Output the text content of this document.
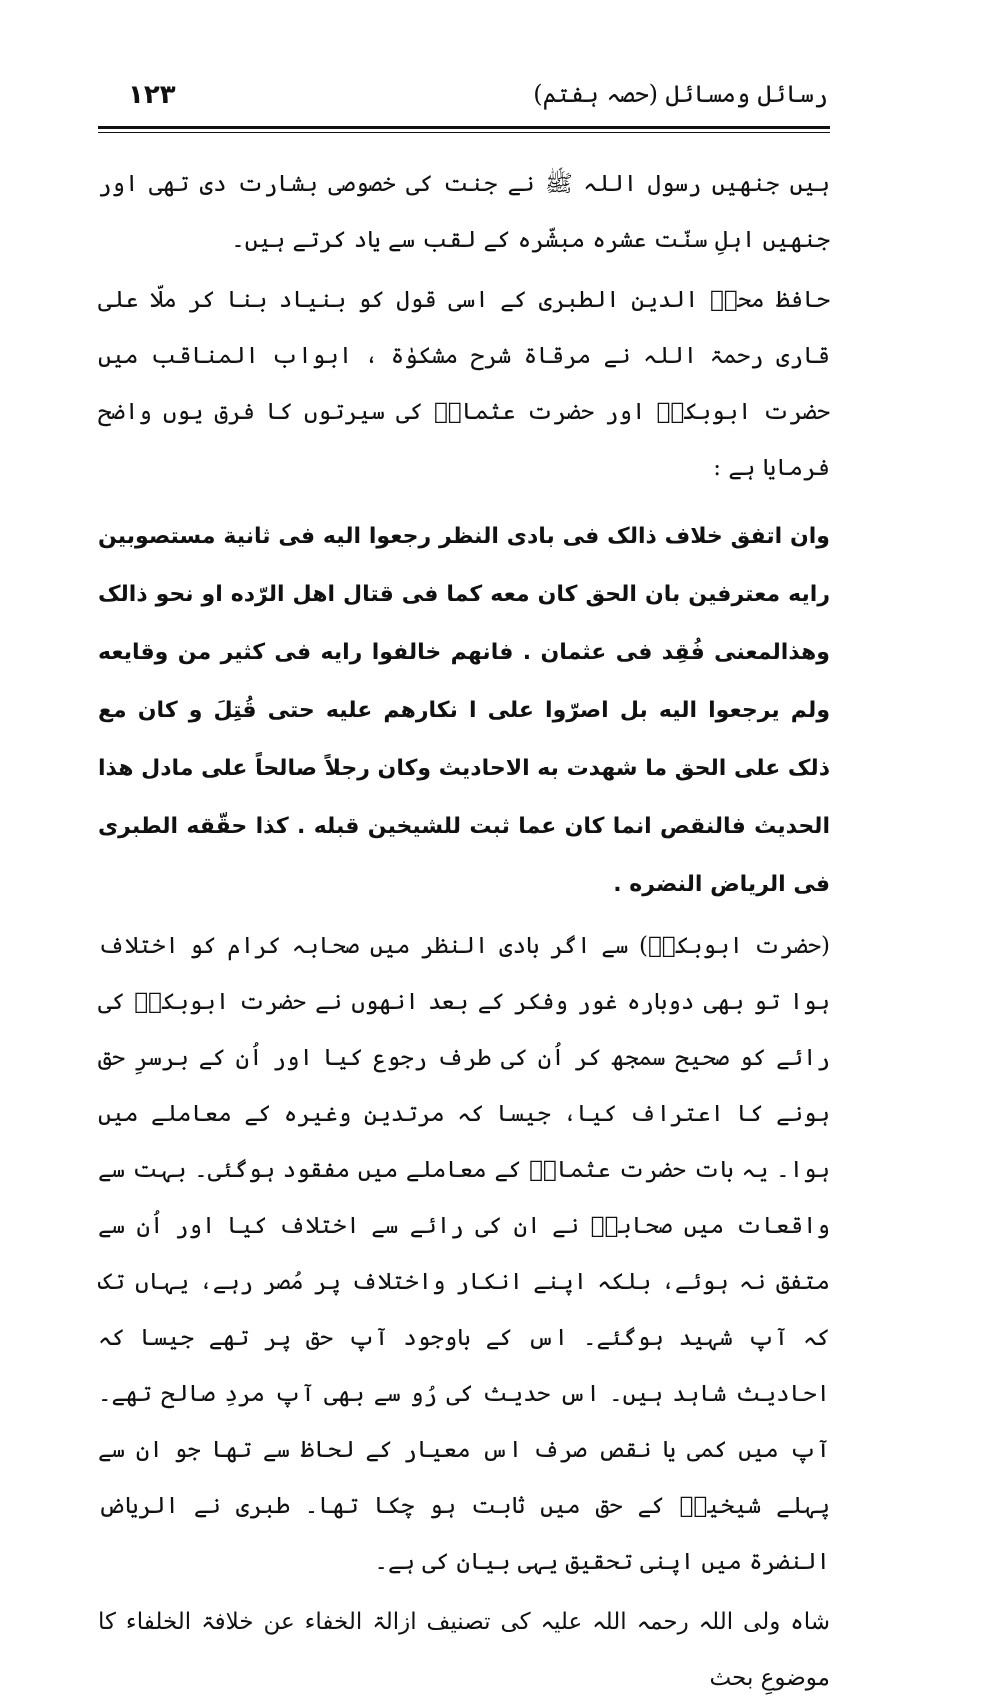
۱۲۳	رسائل ومسائل (حصہ ہفتم)

ہیں جنھیں رسول اللہ ﷺ نے جنت کی خصوصی بشارت دی تھی اور جنھیں اہلِ سنّت عشرہ مبشّرہ کے لقب سے یاد کرتے ہیں۔

حافظ محبؒ الدین الطبری کے اسی قول کو بنیاد بنا کر ملّا علی قاری رحمۃ اللہ نے مرقاۃ شرح مشکوٰۃ ، ابواب المناقب میں حضرت ابوبکرؓ اور حضرت عثمانؓ کی سیرتوں کا فرق یوں واضح فرمایا ہے :

وان اتفق خلاف ذالک فی بادی النظر رجعوا الیه فی ثانية مستصوبين رايه معترفين بان الحق كان معه كما فی قتال اهل الرّده او نحو ذالک وهذالمعنى فُقِد فی عثمان . فانهم خالفوا رايه فی كثير من وقايعه ولم يرجعوا اليه بل اصرّوا على ا نكارهم عليه حتی قُتِلَ و كان مع ذلک على الحق ما شهدت به الاحاديث وكان رجلاً صالحاً على مادل هذا الحديث فالنقص انما كان عما ثبت للشيخين قبله . كذا حقّقه الطبری فی الرياض النضره .

(حضرت ابوبکرؓ) سے اگر بادی النظر میں صحابہ کرام کو اختلاف ہوا تو بھی دوبارہ غور وفکر کے بعد انھوں نے حضرت ابوبکرؓ کی رائے کو صحیح سمجھ کر اُن کی طرف رجوع کیا اور اُن کے برسرِ حق ہونے کا اعتراف کیا، جیسا کہ مرتدین وغیرہ کے معاملے میں ہوا۔ یہ بات حضرت عثمانؓ کے معاملے میں مفقود ہوگئی۔ بہت سے واقعات میں صحابہؓ نے ان کی رائے سے اختلاف کیا اور اُن سے متفق نہ ہوئے، بلکہ اپنے انکار واختلاف پر مُصر رہے، یہاں تک کہ آپ شہید ہوگئے۔ اس کے باوجود آپ حق پر تھے جیسا کہ احادیث شاہد ہیں۔ اس حدیث کی رُو سے بھی آپ مردِ صالح تھے۔ آپ میں کمی یا نقص صرف اس معیار کے لحاظ سے تھا جو ان سے پہلے شیخینؓ کے حق میں ثابت ہو چکا تھا۔ طبری نے الریاض النضرۃ میں اپنی تحقیق یہی بیان کی ہے۔

شاہ ولی اللہ رحمہ اللہ علیہ کی تصنیف ازالۃ الخفاء عن خلافۃ الخلفاء کا موضوعِ بحث
